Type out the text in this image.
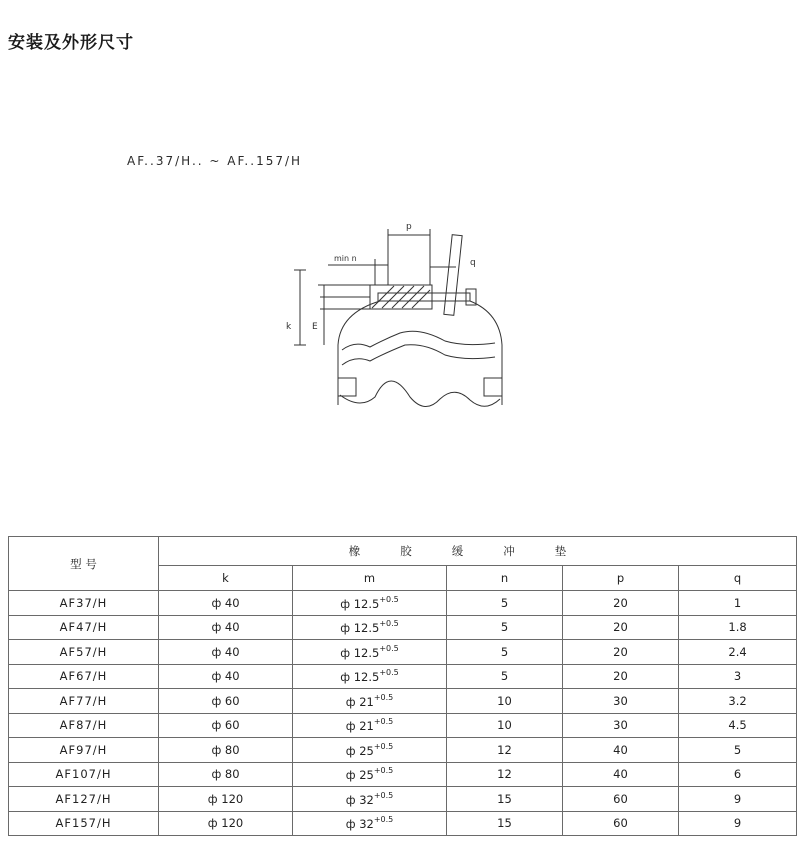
安装及外形尺寸
AF..37/H.. ~ AF..157/H
p
min n	q
k E
型 号	橡胶缓冲垫				
	k	m	n	p	q
AF37/H	ф 40	ф $12.5^{+0.5}$	5	20	1
AF47/H	ф 40	ф $12.5^{+0.5}$	5	20	1.8
AF57/H	ф 40	ф $12.5^{+0.5}$	5	20	2.4
AF67/H	ф 40	ф $12.5^{+0.5}$	5	20	3
AF77/H	ф 60	ф $21^{+0.5}$	10	30	3.2
AF87/H	ф 60	ф $21^{+0.5}$	10	30	4.5
AF97/H	ф 80	ф $25^{+0.5}$	12	40	5
AF107/H	ф 80	ф $25^{+0.5}$	12	40	6
AF127/H	ф 120	ф $32^{+0.5}$	15	60	9
AF157/H	ф 120	ф $32^{+0.5}$	15	60	9
